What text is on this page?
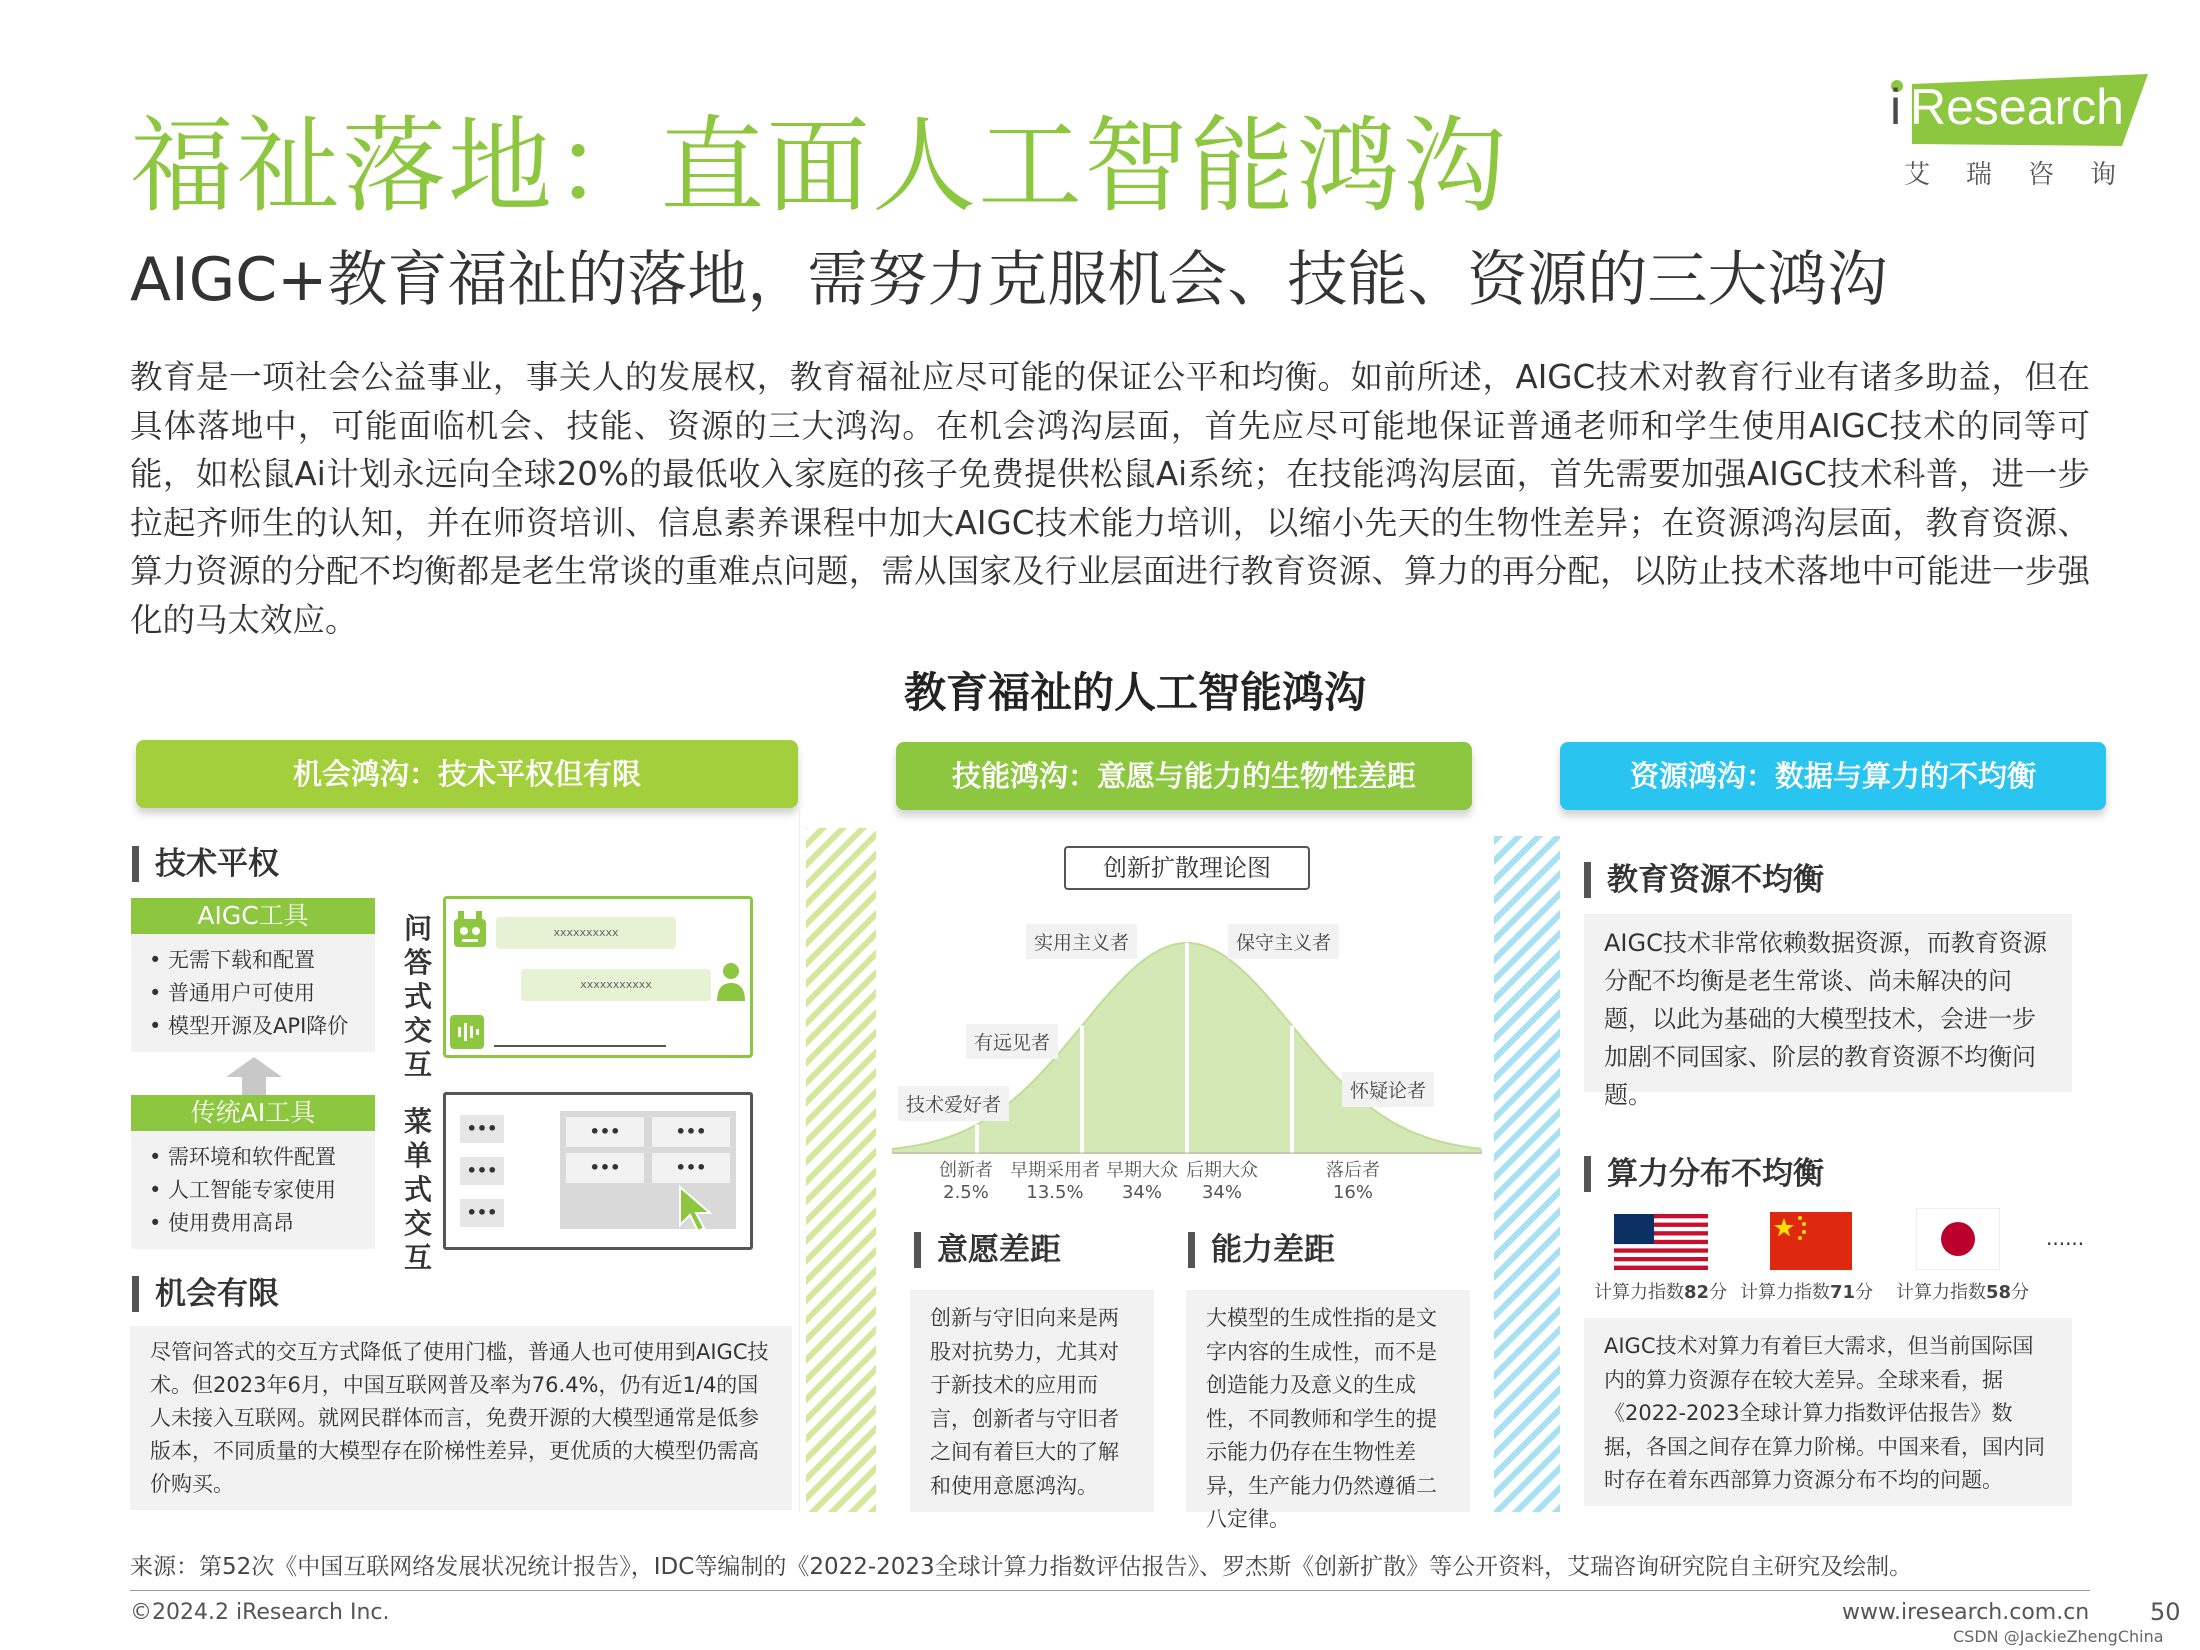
福祉落地：直面人工智能鸿沟
AIGC+教育福祉的落地，需努力克服机会、技能、资源的三大鸿沟
i Research
艾瑞咨询
教育是一项社会公益事业，事关人的发展权，教育福祉应尽可能的保证公平和均衡。如前所述，AIGC技术对教育行业有诸多助益，但在具体落地中，可能面临机会、技能、资源的三大鸿沟。在机会鸿沟层面，首先应尽可能地保证普通老师和学生使用AIGC技术的同等可能，如松鼠Ai计划永远向全球20%的最低收入家庭的孩子免费提供松鼠Ai系统；在技能鸿沟层面，首先需要加强AIGC技术科普，进一步拉起齐师生的认知，并在师资培训、信息素养课程中加大AIGC技术能力培训，以缩小先天的生物性差异；在资源鸿沟层面，教育资源、算力资源的分配不均衡都是老生常谈的重难点问题，需从国家及行业层面进行教育资源、算力的再分配，以防止技术落地中可能进一步强化的马太效应。
教育福祉的人工智能鸿沟
机会鸿沟：技术平权但有限	技能鸿沟：意愿与能力的生物性差距	资源鸿沟：数据与算力的不均衡
技术平权
AIGC工具
• 无需下载和配置
• 普通用户可使用
• 模型开源及API降价
传统AI工具
• 需环境和软件配置
• 人工智能专家使用
• 使用费用高昂
问答式交互
菜单式交互
xxxxxxxxxx
xxxxxxxxxxx
•••
•••
•••
•••	•••
•••	•••
机会有限
尽管问答式的交互方式降低了使用门槛，普通人也可使用到AIGC技术。但2023年6月，中国互联网普及率为76.4%，仍有近1/4的国人未接入互联网。就网民群体而言，免费开源的大模型通常是低参版本，不同质量的大模型存在阶梯性差异，更优质的大模型仍需高价购买。
创新扩散理论图
技术爱好者
有远见者
实用主义者	保守主义者
怀疑论者
创新者
2.5%
早期采用者
13.5%
早期大众
34%
后期大众
34%
落后者
16%
意愿差距
创新与守旧向来是两股对抗势力，尤其对于新技术的应用而言，创新者与守旧者之间有着巨大的了解和使用意愿鸿沟。
能力差距
大模型的生成性指的是文字内容的生成性，而不是创造能力及意义的生成性，不同教师和学生的提示能力仍存在生物性差异，生产能力仍然遵循二八定律。
教育资源不均衡
AIGC技术非常依赖数据资源，而教育资源分配不均衡是老生常谈、尚未解决的问题，以此为基础的大模型技术，会进一步加剧不同国家、阶层的教育资源不均衡问题。
算力分布不均衡
......
计算力指数82分 计算力指数71分 计算力指数58分
AIGC技术对算力有着巨大需求，但当前国际国内的算力资源存在较大差异。全球来看，据《2022-2023全球计算力指数评估报告》数据，各国之间存在算力阶梯。中国来看，国内同时存在着东西部算力资源分布不均的问题。
来源：第52次《中国互联网络发展状况统计报告》，IDC等编制的《2022-2023全球计算力指数评估报告》、罗杰斯《创新扩散》等公开资料，艾瑞咨询研究院自主研究及绘制。
©2024.2 iResearch Inc.	www.iresearch.com.cn	50
CSDN @JackieZhengChina
